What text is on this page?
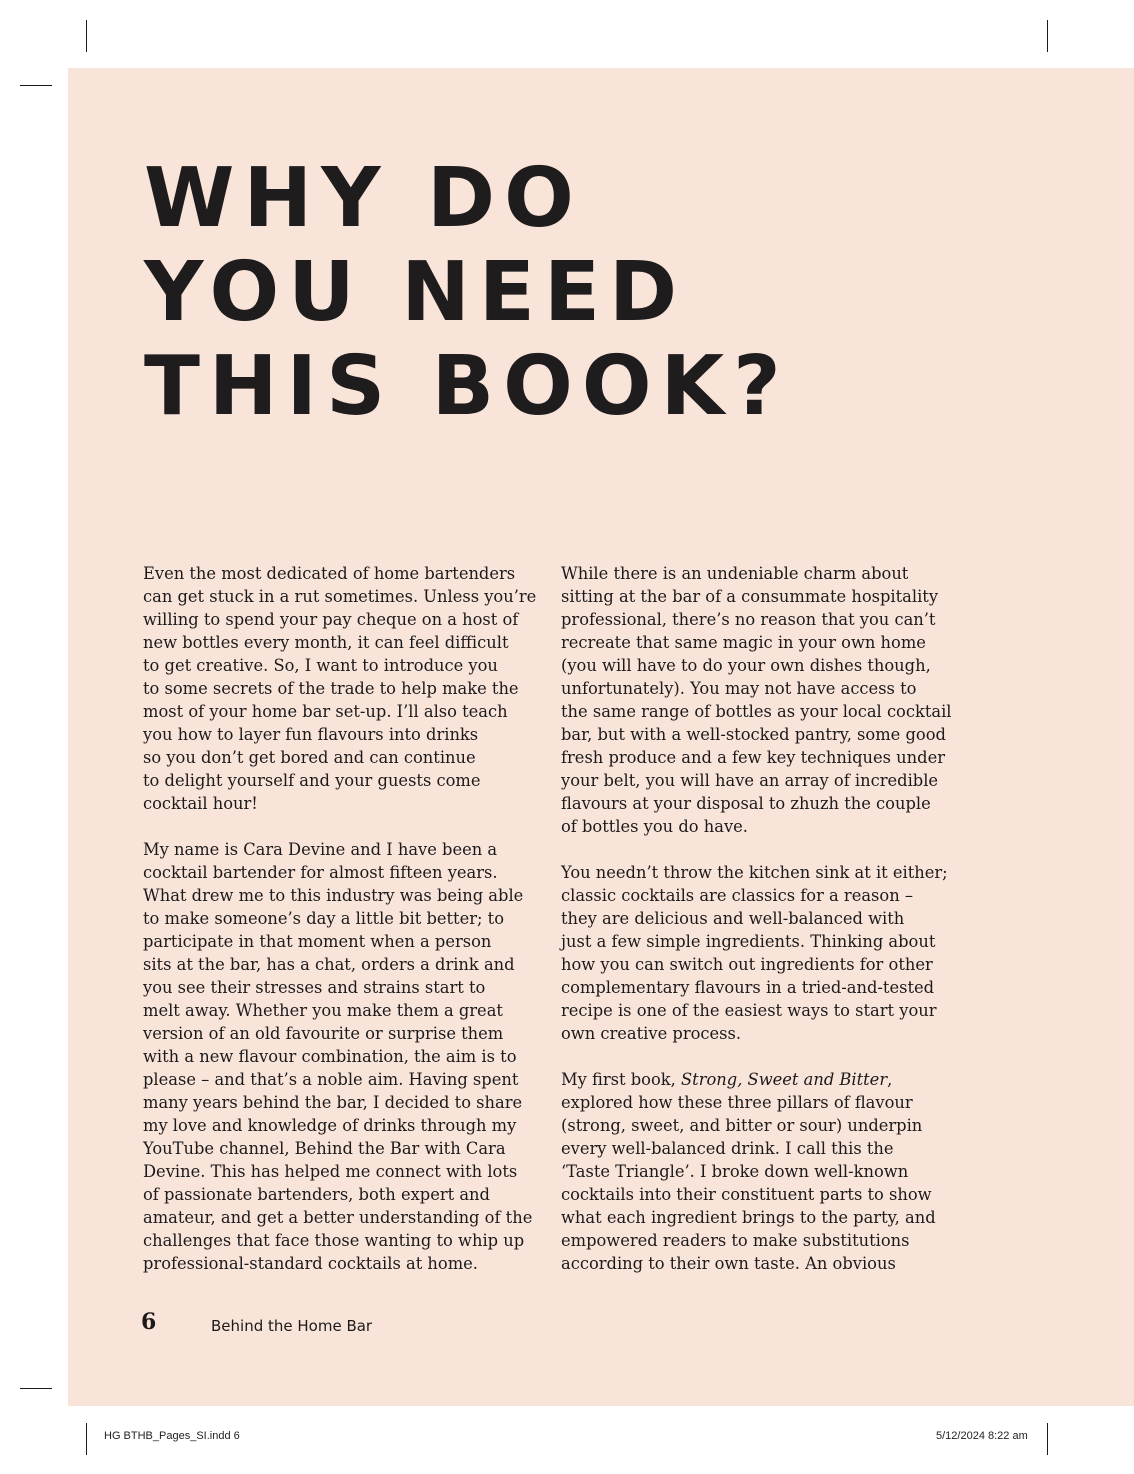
WHY DO
YOU NEED
THIS BOOK?

Even the most dedicated of home bartenders
can get stuck in a rut sometimes. Unless you’re
willing to spend your pay cheque on a host of
new bottles every month, it can feel difficult
to get creative. So, I want to introduce you
to some secrets of the trade to help make the
most of your home bar set-up. I’ll also teach
you how to layer fun flavours into drinks
so you don’t get bored and can continue
to delight yourself and your guests come
cocktail hour!

My name is Cara Devine and I have been a
cocktail bartender for almost fifteen years.
What drew me to this industry was being able
to make someone’s day a little bit better; to
participate in that moment when a person
sits at the bar, has a chat, orders a drink and
you see their stresses and strains start to
melt away. Whether you make them a great
version of an old favourite or surprise them
with a new flavour combination, the aim is to
please – and that’s a noble aim. Having spent
many years behind the bar, I decided to share
my love and knowledge of drinks through my
YouTube channel, Behind the Bar with Cara
Devine. This has helped me connect with lots
of passionate bartenders, both expert and
amateur, and get a better understanding of the
challenges that face those wanting to whip up
professional-standard cocktails at home.

While there is an undeniable charm about
sitting at the bar of a consummate hospitality
professional, there’s no reason that you can’t
recreate that same magic in your own home
(you will have to do your own dishes though,
unfortunately). You may not have access to
the same range of bottles as your local cocktail
bar, but with a well-stocked pantry, some good
fresh produce and a few key techniques under
your belt, you will have an array of incredible
flavours at your disposal to zhuzh the couple
of bottles you do have.

You needn’t throw the kitchen sink at it either;
classic cocktails are classics for a reason –
they are delicious and well-balanced with
just a few simple ingredients. Thinking about
how you can switch out ingredients for other
complementary flavours in a tried-and-tested
recipe is one of the easiest ways to start your
own creative process.

My first book, Strong, Sweet and Bitter,
explored how these three pillars of flavour
(strong, sweet, and bitter or sour) underpin
every well-balanced drink. I call this the
‘Taste Triangle’. I broke down well-known
cocktails into their constituent parts to show
what each ingredient brings to the party, and
empowered readers to make substitutions
according to their own taste. An obvious

6	Behind the Home Bar
HG BTHB_Pages_SI.indd 6	5/12/2024 8:22 am
